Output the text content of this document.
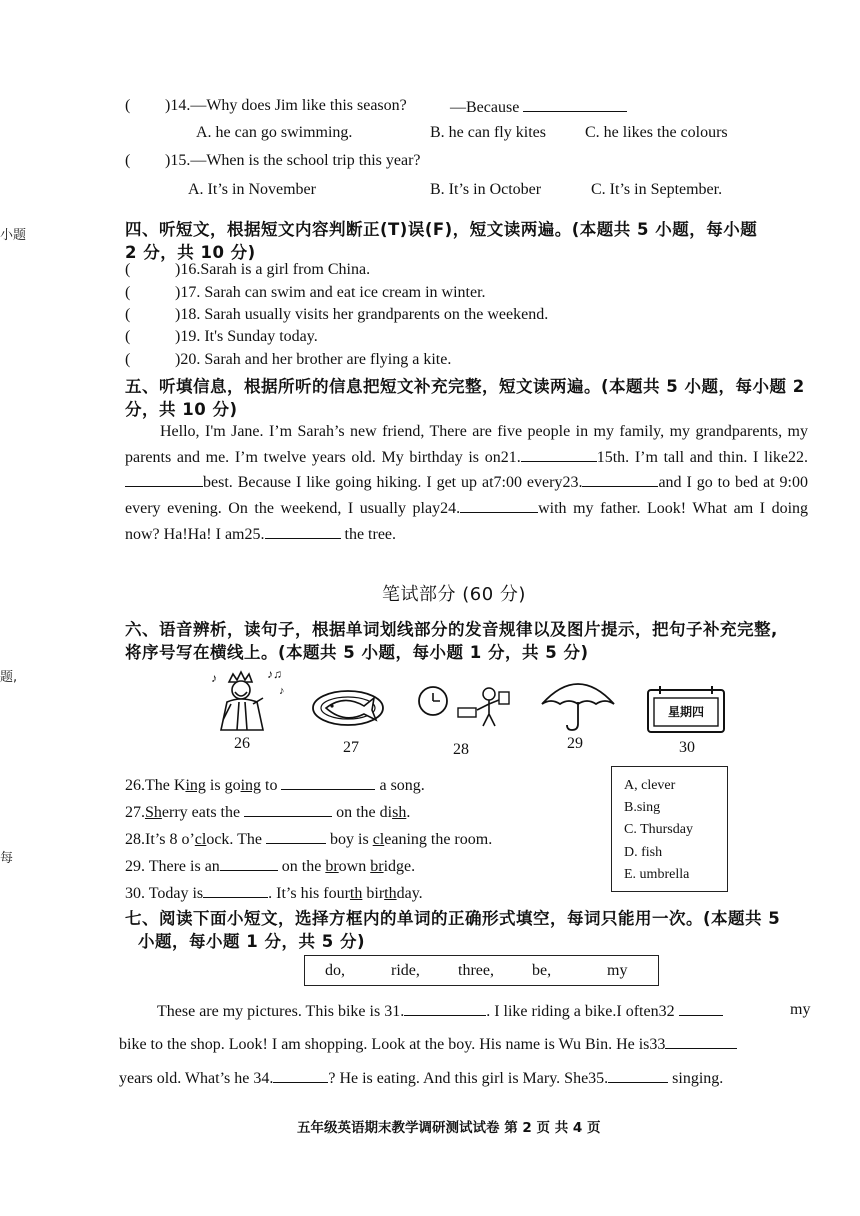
小题
题,
每
( )14.—Why does Jim like this season?	—Because
A. he can go swimming.	B. he can fly kites C. he likes the colours
( )15.—When is the school trip this year?
A. It’s in November	B. It’s in October	C. It’s in September.
四、听短文，根据短文内容判断正(T)误(F)，短文读两遍。(本题共 5 小题，每小题
2 分，共 10 分)
(	)16.Sarah is a girl from China.
(	)17. Sarah can swim and eat ice cream in winter.
(	)18. Sarah usually visits her grandparents on the weekend.
(	)19. It's Sunday today.
(	)20. Sarah and her brother are flying a kite.
五、听填信息，根据所听的信息把短文补充完整，短文读两遍。(本题共 5 小题，每小题 2
分，共 10 分)

Hello, I'm Jane. I’m Sarah’s new friend, There are five people in my family, my grandparents, my parents and me. I’m twelve years old. My birthday is on21.	15th. I’m tall and thin. I like22.best. Because I like going hiking. I get up at7:00 every23.	and I go to bed at 9:00 every evening. On the weekend, I usually play24.	with my father. Look! What am I doing now? Ha!Ha! I am25.	the tree.

笔试部分 (60 分)
六、语音辨析，读句子，根据单词划线部分的发音规律以及图片提示，把句子补充完整,
将序号写在横线上。(本题共 5 小题，每小题 1 分，共 5 分)
♪	♪♫
♪
星期四
26	27	28	29	30
26.The King is going to	a song.
27.Sherry eats the	on the dish.
28.It’s 8 o’clock. The	boy is cleaning the room.
29. There is an	on the brown bridge.
30. Today is	. It’s his fourth birthday.
A, clever
B.sing
C. Thursday
D. fish
E. umbrella
七、阅读下面小短文，选择方框内的单词的正确形式填空，每词只能用一次。(本题共 5
小题，每小题 1 分，共 5 分)
do,	ride, three, be,	my
These are my pictures. This bike is 31.	. I like riding a bike.I often32	my
bike to the shop. Look! I am shopping. Look at the boy. His name is Wu Bin. He is33
years old. What’s he 34.	? He is eating. And this girl is Mary. She35.	singing.
五年级英语期末教学调研测试试卷 第 2 页 共 4 页
